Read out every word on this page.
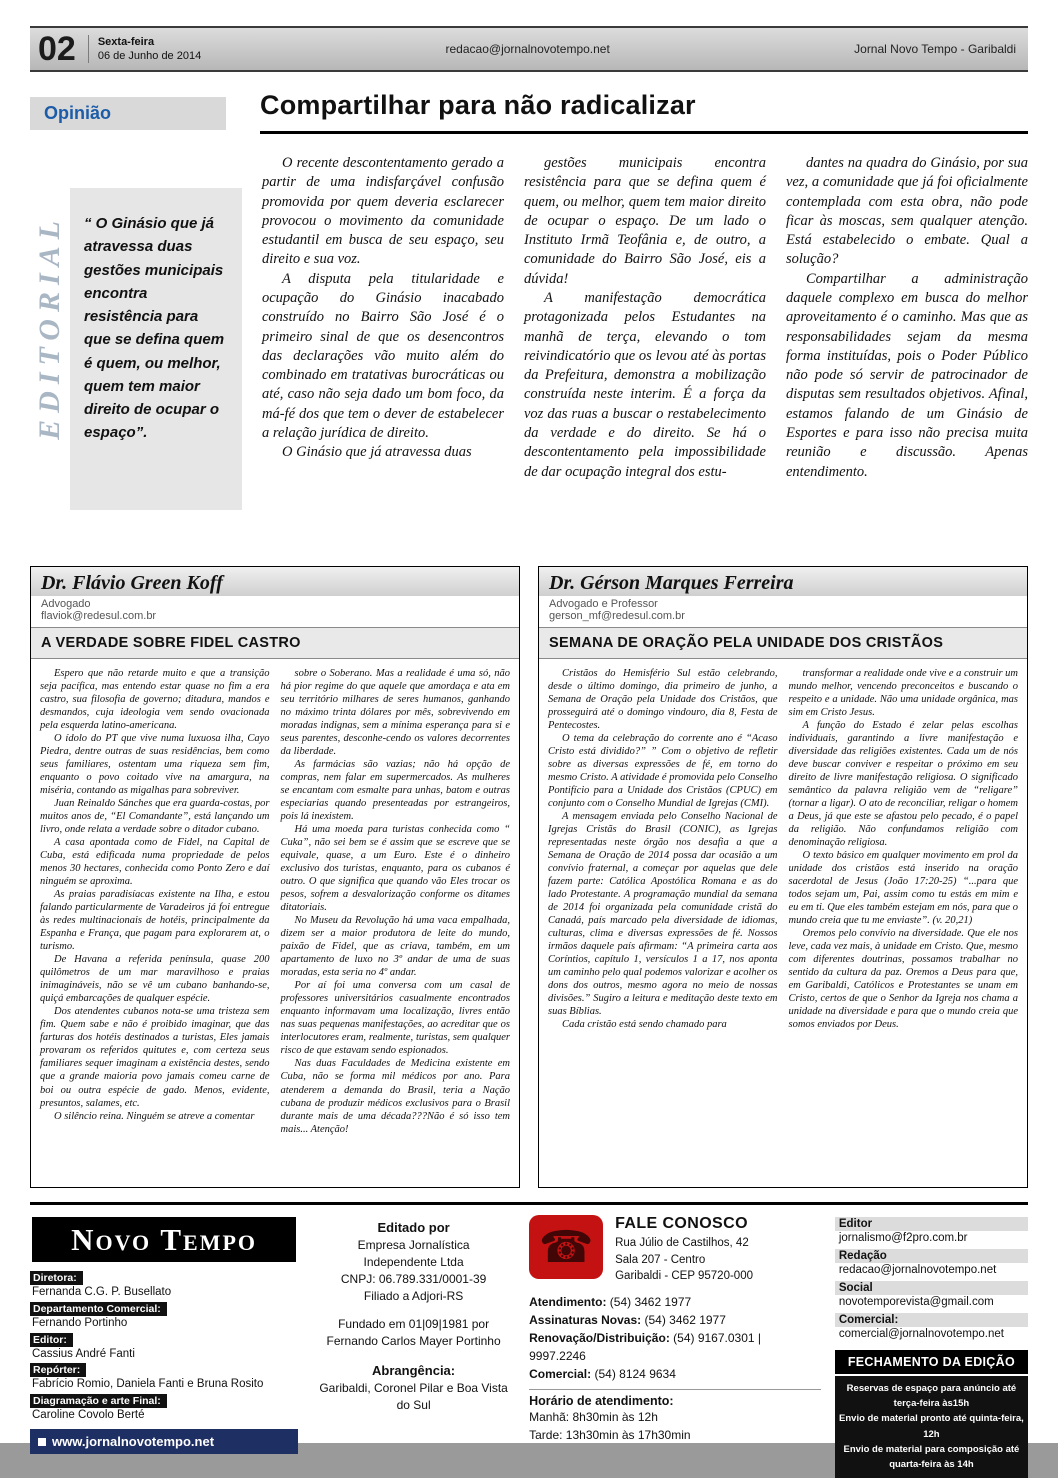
02 Sexta-feira
06 de Junho de 2014	redacao@jornalnovotempo.net	Jornal Novo Tempo - Garibaldi
Opinião	Compartilhar para não radicalizar
EDITORIAL	“ O Ginásio que já atravessa duas gestões municipais encontra resistência para que se defina quem é quem, ou melhor, quem tem maior direito de ocupar o espaço”.

O recente descontentamento gerado a partir de uma indisfarçável confusão promovida por quem deveria esclarecer provocou o movimento da comunidade estudantil em busca de seu espaço, seu direito e sua voz.

A disputa pela titularidade e ocupação do Ginásio inacabado construído no Bairro São José é o primeiro sinal de que os desencontros das declarações vão muito além do combinado em tratativas burocráticas ou até, caso não seja dado um bom foco, da má-fé dos que tem o dever de estabelecer a relação jurídica de direito.

O Ginásio que já atravessa duas

gestões municipais encontra resistência para que se defina quem é quem, ou melhor, quem tem maior direito de ocupar o espaço. De um lado o Instituto Irmã Teofânia e, de outro, a comunidade do Bairro São José, eis a dúvida!

A manifestação democrática protagonizada pelos Estudantes na manhã de terça, elevando o tom reivindicatório que os levou até às portas da Prefeitura, demonstra a mobilização construída neste interim. É a força da voz das ruas a buscar o restabelecimento da verdade e do direito. Se há o descontentamento pela impossibilidade de dar ocupação integral dos estu-

dantes na quadra do Ginásio, por sua vez, a comunidade que já foi oficialmente contemplada com esta obra, não pode ficar às moscas, sem qualquer atenção. Está estabelecido o embate. Qual a solução?

Compartilhar a administração daquele complexo em busca do melhor aproveitamento é o caminho. Mas que as responsabilidades sejam da mesma forma instituídas, pois o Poder Público não pode só servir de patrocinador de disputas sem resultados objetivos. Afinal, estamos falando de um Ginásio de Esportes e para isso não precisa muita reunião e discussão. Apenas entendimento.

Dr. Flávio Green Koff
Advogado
flaviok@redesul.com.br
A VERDADE SOBRE FIDEL CASTRO

Espero que não retarde muito e que a transição seja pacífica, mas entendo estar quase no fim a era castro, sua filosofia de governo; ditadura, mandos e desmandos, cuja ideologia vem sendo ovacionada pela esquerda latino-americana.

O ídolo do PT que vive numa luxuosa ilha, Cayo Piedra, dentre outras de suas residências, bem como seus familiares, ostentam uma riqueza sem fim, enquanto o povo coitado vive na amargura, na miséria, contando as migalhas para sobreviver.

Juan Reinaldo Sánches que era guarda-costas, por muitos anos de, “El Comandante”, está lançando um livro, onde relata a verdade sobre o ditador cubano.

A casa apontada como de Fidel, na Capital de Cuba, está edificada numa propriedade de pelos menos 30 hectares, conhecida como Ponto Zero e daí ninguém se aproxima.

As praias paradisíacas existente na Ilha, e estou falando particularmente de Varadeiros já foi entregue às redes multinacionais de hotéis, principalmente da Espanha e França, que pagam para explorarem at, o turismo.

De Havana a referida península, quase 200 quilômetros de um mar maravilhoso e praias inimagináveis, não se vê um cubano banhando-se, quiçá embarcações de qualquer espécie.

Dos atendentes cubanos nota-se uma tristeza sem fim. Quem sabe e não é proibido imaginar, que das farturas dos hotéis destinados a turistas, Eles jamais provaram os referidos quitutes e, com certeza seus familiares sequer imaginam a existência destes, sendo que a grande maioria povo jamais comeu carne de boi ou outra espécie de gado. Menos, evidente, presuntos, salames, etc.

O silêncio reina. Ninguém se atreve a comentar

sobre o Soberano. Mas a realidade é uma só, não há pior regime do que aquele que amordaça e ata em seu território milhares de seres humanos, ganhando no máximo trinta dólares por mês, sobrevivendo em moradas indignas, sem a mínima esperança para si e seus parentes, desconhe-cendo os valores decorrentes da liberdade.

As farmácias são vazias; não há opção de compras, nem falar em supermercados. As mulheres se encantam com esmalte para unhas, batom e outras especiarias quando presenteadas por estrangeiros, pois lá inexistem.

Há uma moeda para turistas conhecida como “ Cuka”, não sei bem se é assim que se escreve que se equivale, quase, a um Euro. Este é o dinheiro exclusivo dos turistas, enquanto, para os cubanos é outro. O que significa que quando vão Eles trocar os pesos, sofrem a desvalorização conforme os ditames ditatoriais.

No Museu da Revolução há uma vaca empalhada, dizem ser a maior produtora de leite do mundo, paixão de Fidel, que as criava, também, em um apartamento de luxo no 3º andar de uma de suas moradas, esta seria no 4º andar.

Por aí foi uma conversa com um casal de professores universitários casualmente encontrados enquanto informavam uma localização, livres então nas suas pequenas manifestações, ao acreditar que os interlocutores eram, realmente, turistas, sem qualquer risco de que estavam sendo espionados.

Nas duas Faculdades de Medicina existente em Cuba, não se forma mil médicos por ano. Para atenderem a demanda do Brasil, teria a Nação cubana de produzir médicos exclusivos para o Brasil durante mais de uma década???Não é só isso tem mais... Atenção!

Dr. Gérson Marques Ferreira
Advogado e Professor
gerson_mf@redesul.com.br
SEMANA DE ORAÇÃO PELA UNIDADE DOS CRISTÃOS

Cristãos do Hemisfério Sul estão celebrando, desde o último domingo, dia primeiro de junho, a Semana de Oração pela Unidade dos Cristãos, que prosseguirá até o domingo vindouro, dia 8, Festa de Pentecostes.

O tema da celebração do corrente ano é “Acaso Cristo está dividido?” ” Com o objetivo de refletir sobre as diversas expressões de fé, em torno do mesmo Cristo. A atividade é promovida pelo Conselho Pontifício para a Unidade dos Cristãos (CPUC) em conjunto com o Conselho Mundial de Igrejas (CMI).

A mensagem enviada pelo Conselho Nacional de Igrejas Cristãs do Brasil (CONIC), as Igrejas representadas neste órgão nos desafia a que a Semana de Oração de 2014 possa dar ocasião a um convívio fraternal, a começar por aquelas que dele fazem parte: Católica Apostólica Romana e as do lado Protestante. A programação mundial da semana de 2014 foi organizada pela comunidade cristã do Canadá, país marcado pela diversidade de idiomas, culturas, clima e diversas expressões de fé. Nossos irmãos daquele país afirmam: “A primeira carta aos Coríntios, capítulo 1, versículos 1 a 17, nos aponta um caminho pelo qual podemos valorizar e acolher os dons dos outros, mesmo agora no meio de nossas divisões.” Sugiro a leitura e meditação deste texto em suas Bíblias.

Cada cristão está sendo chamado para

transformar a realidade onde vive e a construir um mundo melhor, vencendo preconceitos e buscando o respeito e a unidade. Não uma unidade orgânica, mas sim em Cristo Jesus.

A função do Estado é zelar pelas escolhas individuais, garantindo a livre manifestação e diversidade das religiões existentes. Cada um de nós deve buscar conviver e respeitar o próximo em seu direito de livre manifestação religiosa. O significado semântico da palavra religião vem de “religare” (tornar a ligar). O ato de reconciliar, religar o homem a Deus, já que este se afastou pelo pecado, é o papel da religião. Não confundamos religião com denominação religiosa.

O texto básico em qualquer movimento em prol da unidade dos cristãos está inserido na oração sacerdotal de Jesus (João 17:20-25) “...para que todos sejam um, Pai, assim como tu estás em mim e eu em ti. Que eles também estejam em nós, para que o mundo creia que tu me enviaste”. (v. 20,21)

Oremos pelo convívio na diversidade. Que ele nos leve, cada vez mais, à unidade em Cristo. Que, mesmo com diferentes doutrinas, possamos trabalhar no sentido da cultura da paz. Oremos a Deus para que, em Garibaldi, Católicos e Protestantes se unam em Cristo, certos de que o Senhor da Igreja nos chama a unidade na diversidade e para que o mundo creia que somos enviados por Deus.

Novo Tempo
Diretora:
Fernanda C.G. P. Busellato
Departamento Comercial:
Fernando Portinho
Editor:
Cassius André Fanti
Repórter:
Fabrício Romio, Daniela Fanti e Bruna Rosito
Diagramação e arte Final:
Caroline Covolo Berté
www.jornalnovotempo.net
Editado por
Empresa Jornalística
Independente Ltda
CNPJ: 06.789.331/0001-39
Filiado a Adjori-RS
Fundado em 01|09|1981 por
Fernando Carlos Mayer Portinho
Abrangência:
Garibaldi, Coronel Pilar e Boa Vista do Sul
☎	FALE CONOSCO
Rua Júlio de Castilhos, 42
Sala 207 - Centro
Garibaldi - CEP 95720-000
Atendimento: (54) 3462 1977
Assinaturas Novas: (54) 3462 1977
Renovação/Distribuição: (54) 9167.0301 | 9997.2246
Comercial: (54) 8124 9634
Horário de atendimento:
Manhã: 8h30min às 12h
Tarde: 13h30min às 17h30min
Editor
jornalismo@f2pro.com.br
Redação
redacao@jornalnovotempo.net
Social
novotemporevista@gmail.com
Comercial:
comercial@jornalnovotempo.net
FECHAMENTO DA EDIÇÃO
Reservas de espaço para anúncio até terça-feira às15h
Envio de material pronto até quinta-feira, 12h
Envio de material para composição até quarta-feira às 14h
